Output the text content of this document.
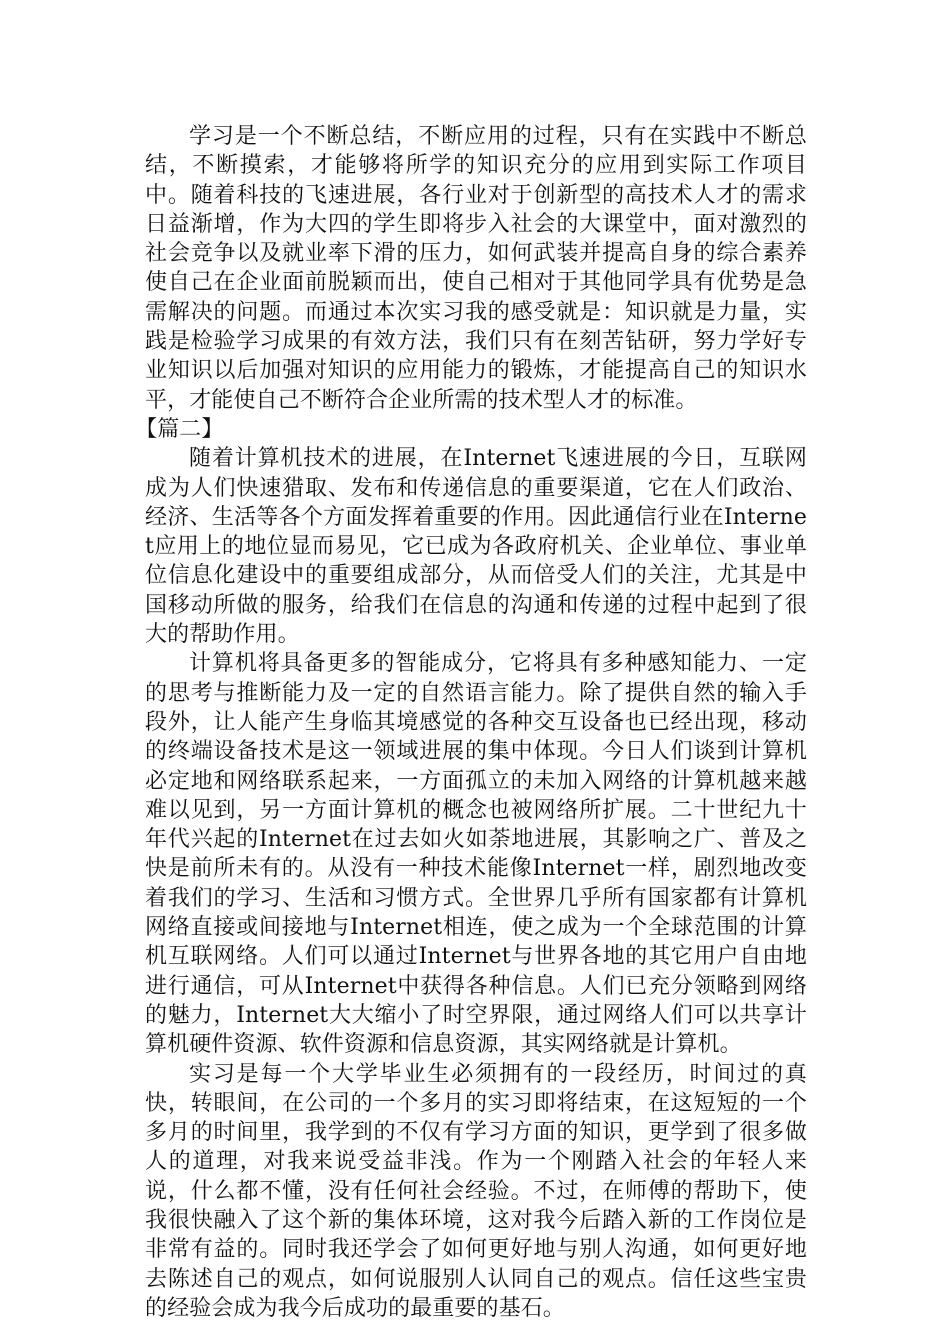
学习是一个不断总结，不断应用的过程，只有在实践中不断总结，不断摸索，才能够将所学的知识充分的应用到实际工作项目中。随着科技的飞速进展，各行业对于创新型的高技术人才的需求日益渐增，作为大四的学生即将步入社会的大课堂中，面对激烈的社会竞争以及就业率下滑的压力，如何武装并提高自身的综合素养使自己在企业面前脱颖而出，使自己相对于其他同学具有优势是急需解决的问题。而通过本次实习我的感受就是：知识就是力量，实践是检验学习成果的有效方法，我们只有在刻苦钻研，努力学好专业知识以后加强对知识的应用能力的锻炼，才能提高自己的知识水平，才能使自己不断符合企业所需的技术型人才的标准。

【篇二】

随着计算机技术的进展，在Internet飞速进展的今日，互联网成为人们快速猎取、发布和传递信息的重要渠道，它在人们政治、经济、生活等各个方面发挥着重要的作用。因此通信行业在Internet应用上的地位显而易见，它已成为各政府机关、企业单位、事业单位信息化建设中的重要组成部分，从而倍受人们的关注，尤其是中国移动所做的服务，给我们在信息的沟通和传递的过程中起到了很大的帮助作用。

计算机将具备更多的智能成分，它将具有多种感知能力、一定的思考与推断能力及一定的自然语言能力。除了提供自然的输入手段外，让人能产生身临其境感觉的各种交互设备也已经出现，移动的终端设备技术是这一领域进展的集中体现。今日人们谈到计算机必定地和网络联系起来，一方面孤立的未加入网络的计算机越来越难以见到，另一方面计算机的概念也被网络所扩展。二十世纪九十年代兴起的Internet在过去如火如荼地进展，其影响之广、普及之快是前所未有的。从没有一种技术能像Internet一样，剧烈地改变着我们的学习、生活和习惯方式。全世界几乎所有国家都有计算机网络直接或间接地与Internet相连，使之成为一个全球范围的计算机互联网络。人们可以通过Internet与世界各地的其它用户自由地进行通信，可从Internet中获得各种信息。人们已充分领略到网络的魅力，Internet大大缩小了时空界限，通过网络人们可以共享计算机硬件资源、软件资源和信息资源，其实网络就是计算机。

实习是每一个大学毕业生必须拥有的一段经历，时间过的真快，转眼间，在公司的一个多月的实习即将结束，在这短短的一个多月的时间里，我学到的不仅有学习方面的知识，更学到了很多做人的道理，对我来说受益非浅。作为一个刚踏入社会的年轻人来说，什么都不懂，没有任何社会经验。不过，在师傅的帮助下，使我很快融入了这个新的集体环境，这对我今后踏入新的工作岗位是非常有益的。同时我还学会了如何更好地与别人沟通，如何更好地去陈述自己的观点，如何说服别人认同自己的观点。信任这些宝贵的经验会成为我今后成功的最重要的基石。
